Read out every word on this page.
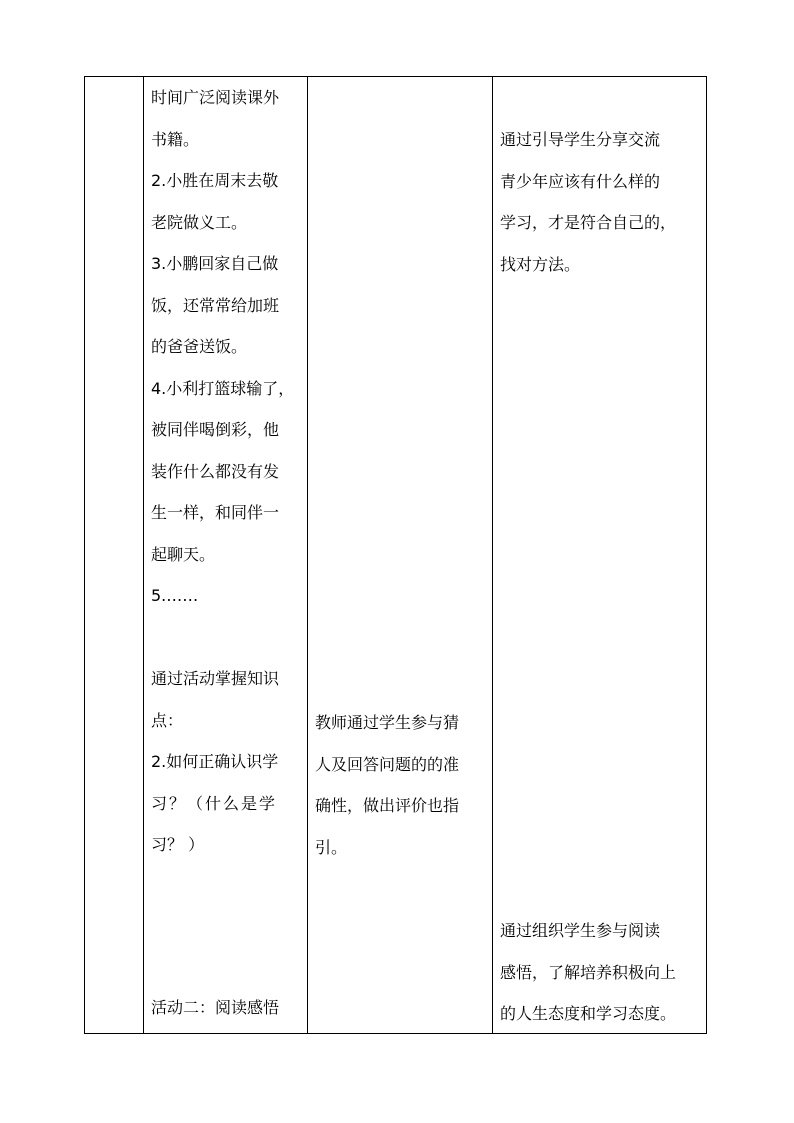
时间广泛阅读课外
书籍。
2.小胜在周末去敬
老院做义工。
3.小鹏回家自己做
饭，还常常给加班
的爸爸送饭。
4.小利打篮球输了，
被同伴喝倒彩，他
装作什么都没有发
生一样，和同伴一
起聊天。
5.……
通过活动掌握知识
点：
2.如何正确认识学
习？（什么是学
习？ ）
活动二：阅读感悟
教师通过学生参与猜
人及回答问题的的准
确性，做出评价也指
引。
通过引导学生分享交流
青少年应该有什么样的
学习，才是符合自己的，
找对方法。
通过组织学生参与阅读
感悟，了解培养积极向上
的人生态度和学习态度。
